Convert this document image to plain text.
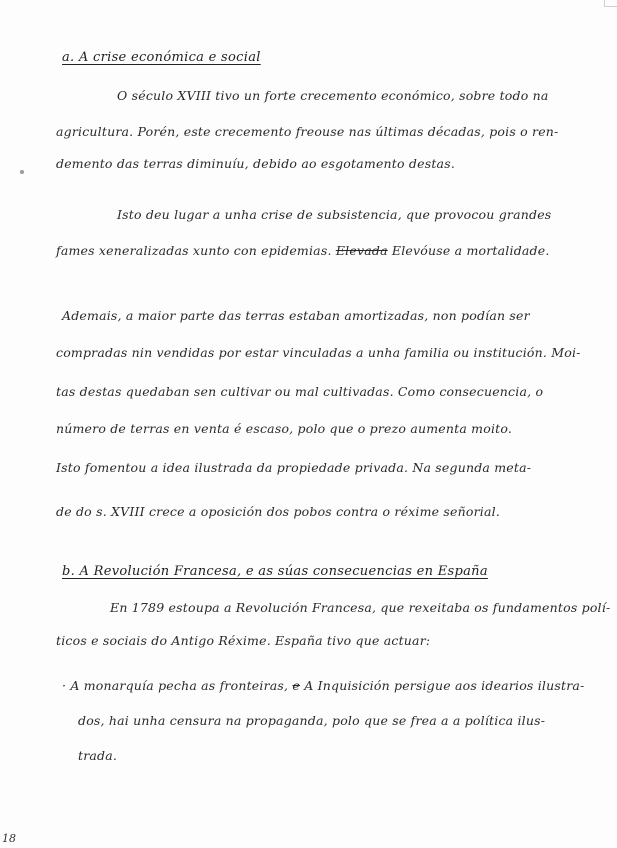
a. A crise económica e social
O século XVIII tivo un forte crecemento económico, sobre todo na
agricultura. Porén, este crecemento freouse nas últimas décadas, pois o ren-
demento das terras diminuíu, debido ao esgotamento destas.
Isto deu lugar a unha crise de subsistencia, que provocou grandes
fames xeneralizadas xunto con epidemias. Elevada Elevóuse a mortalidade.
Ademais, a maior parte das terras estaban amortizadas, non podían ser
compradas nin vendidas por estar vinculadas a unha familia ou institución. Moi-
tas destas quedaban sen cultivar ou mal cultivadas. Como consecuencia, o
número de terras en venta é escaso, polo que o prezo aumenta moito.
Isto fomentou a idea ilustrada da propiedade privada. Na segunda meta-
de do s. XVIII crece a oposición dos pobos contra o réxime señorial.
b. A Revolución Francesa, e as súas consecuencias en España
En 1789 estoupa a Revolución Francesa, que rexeitaba os fundamentos polí-
ticos e sociais do Antigo Réxime. España tivo que actuar:
· A monarquía pecha as fronteiras, e A Inquisición persigue aos idearios ilustra-
dos, hai unha censura na propaganda, polo que se frea a a política ilus-
trada.
18
